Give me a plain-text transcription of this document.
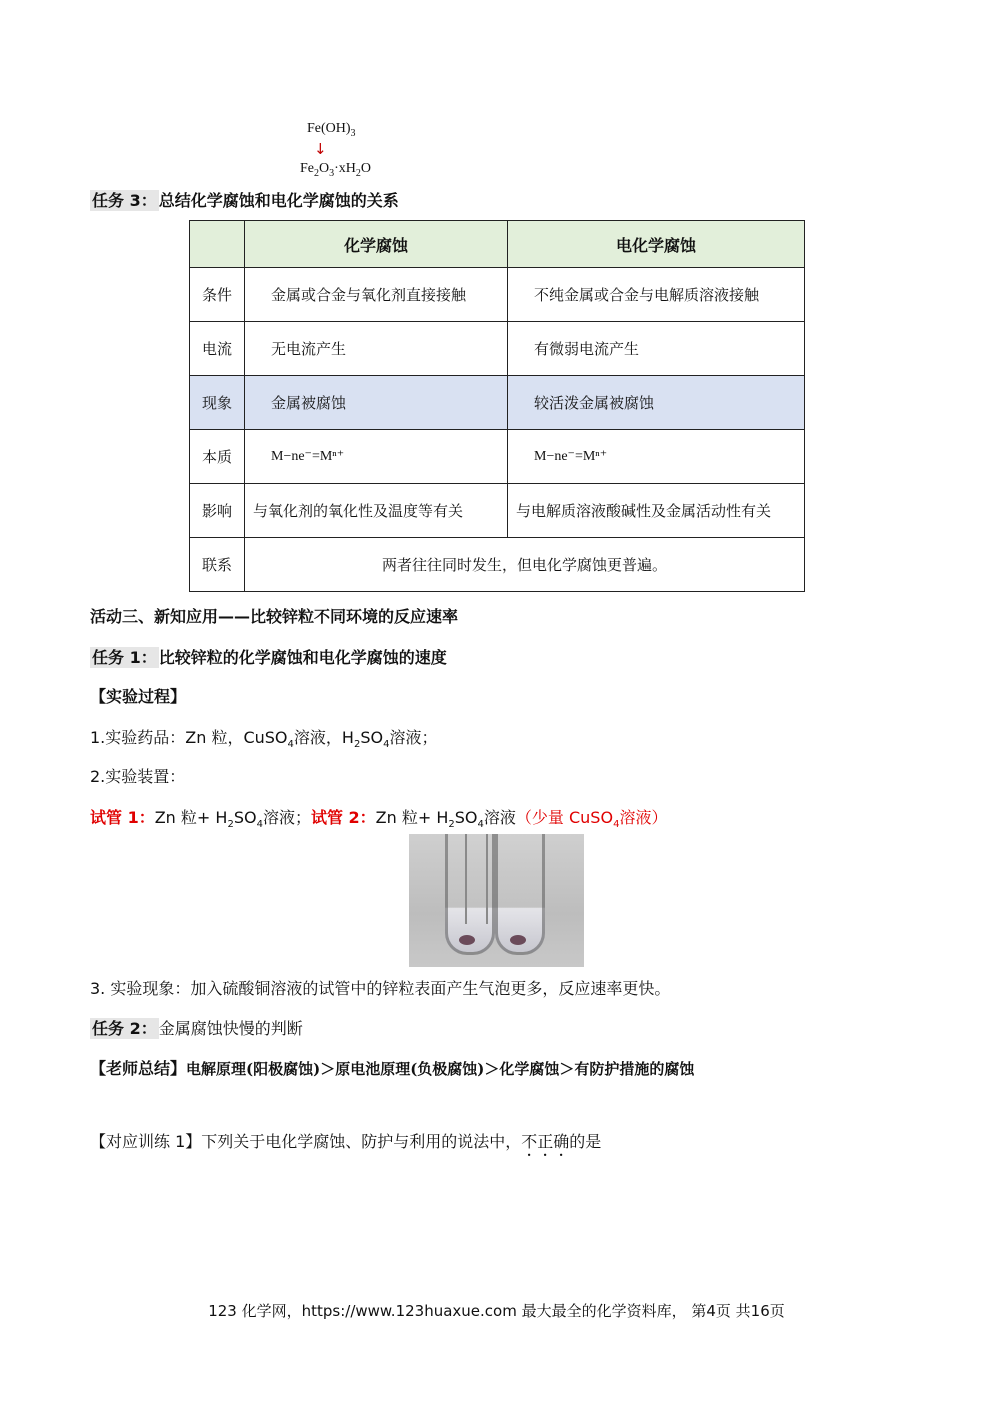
$Fe(OH)_3$
↓
$Fe_2O_3\cdot xH_2O$
任务 3： 总结化学腐蚀和电化学腐蚀的关系
	化学腐蚀	电化学腐蚀
条件	金属或合金与氧化剂直接接触	不纯金属或合金与电解质溶液接触
电流	无电流产生	有微弱电流产生
现象	金属被腐蚀	较活泼金属被腐蚀
本质	M−ne⁻=Mⁿ⁺	M−ne⁻=Mⁿ⁺
影响	与氧化剂的氧化性及温度等有关	与电解质溶液酸碱性及金属活动性有关
联系	两者往往同时发生，但电化学腐蚀更普遍。	
活动三、新知应用——比较锌粒不同环境的反应速率
任务 1： 比较锌粒的化学腐蚀和电化学腐蚀的速度
【实验过程】
1.实验药品：Zn 粒，CuSO$_4$溶液，$H_2SO_4$溶液；
2.实验装置：
试管 1：Zn 粒+ $H_2SO_4$溶液；试管 2：Zn 粒+ $H_2SO_4$溶液（少量 CuSO$_4$溶液）
3. 实验现象：加入硫酸铜溶液的试管中的锌粒表面产生气泡更多，反应速率更快。
任务 2： 金属腐蚀快慢的判断
【老师总结】电解原理(阳极腐蚀)＞原电池原理(负极腐蚀)＞化学腐蚀＞有防护措施的腐蚀
【对应训练 1】下列关于电化学腐蚀、防护与利用的说法中，不正确的是
123 化学网，https://www.123huaxue.com 最大最全的化学资料库， 第4页 共16页
